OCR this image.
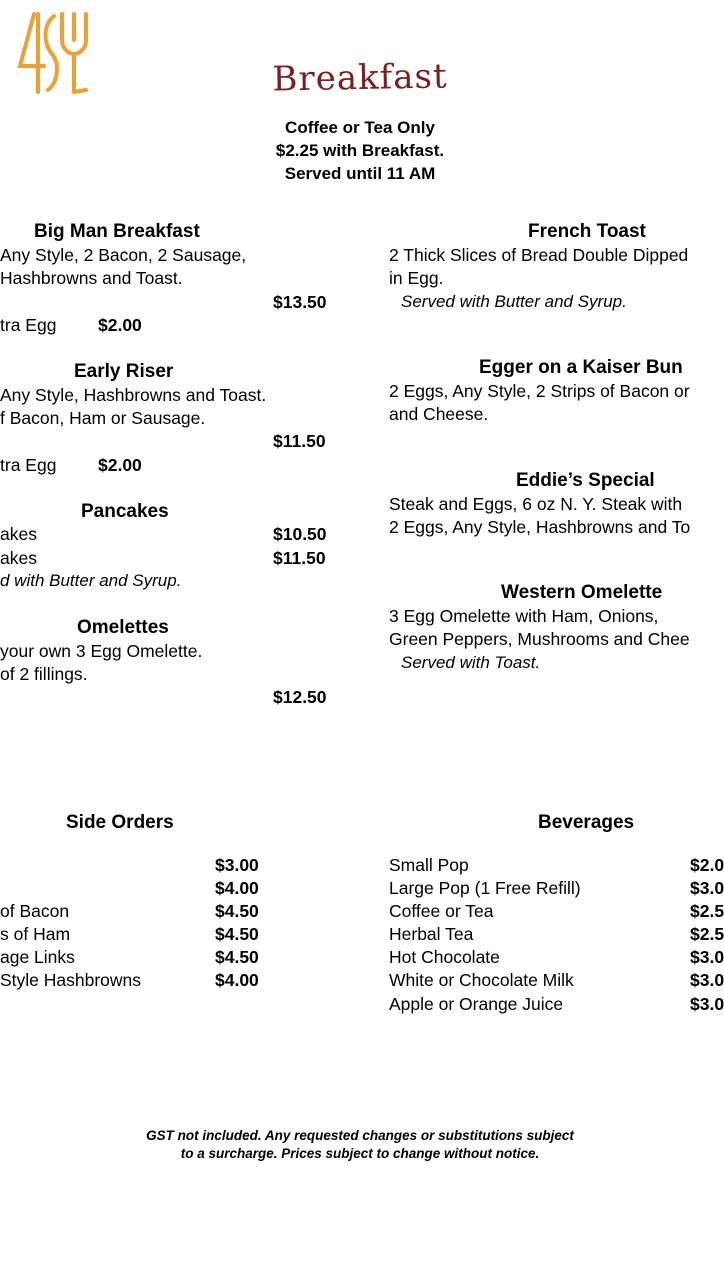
Breakfast
Coffee or Tea Only
$2.25 with Breakfast.
Served until 11 AM
Big Man Breakfast
Any Style, 2 Bacon, 2 Sausage,
Hashbrowns and Toast.
$13.50
tra Egg $2.00
Early Riser
Any Style, Hashbrowns and Toast.
f Bacon, Ham or Sausage.
$11.50
tra Egg $2.00
Pancakes
akes	$10.50
akes	$11.50
d with Butter and Syrup.
Omelettes
your own 3 Egg Omelette.
of 2 fillings.
$12.50
French Toast
2 Thick Slices of Bread Double Dipped
in Egg.
Served with Butter and Syrup.
Egger on a Kaiser Bun
2 Eggs, Any Style, 2 Strips of Bacon or
and Cheese.
Eddie’s Special
Steak and Eggs, 6 oz N. Y. Steak with
2 Eggs, Any Style, Hashbrowns and To
Western Omelette
3 Egg Omelette with Ham, Onions,
Green Peppers, Mushrooms and Chee
Served with Toast.
Side Orders
$3.00
$4.00
of Bacon	$4.50
s of Ham	$4.50
age Links	$4.50
Style Hashbrowns	$4.00
Beverages
Small Pop	$2.0
Large Pop (1 Free Refill)	$3.0
Coffee or Tea	$2.5
Herbal Tea	$2.5
Hot Chocolate	$3.0
White or Chocolate Milk	$3.0
Apple or Orange Juice	$3.0
GST not included. Any requested changes or substitutions subject
to a surcharge. Prices subject to change without notice.
